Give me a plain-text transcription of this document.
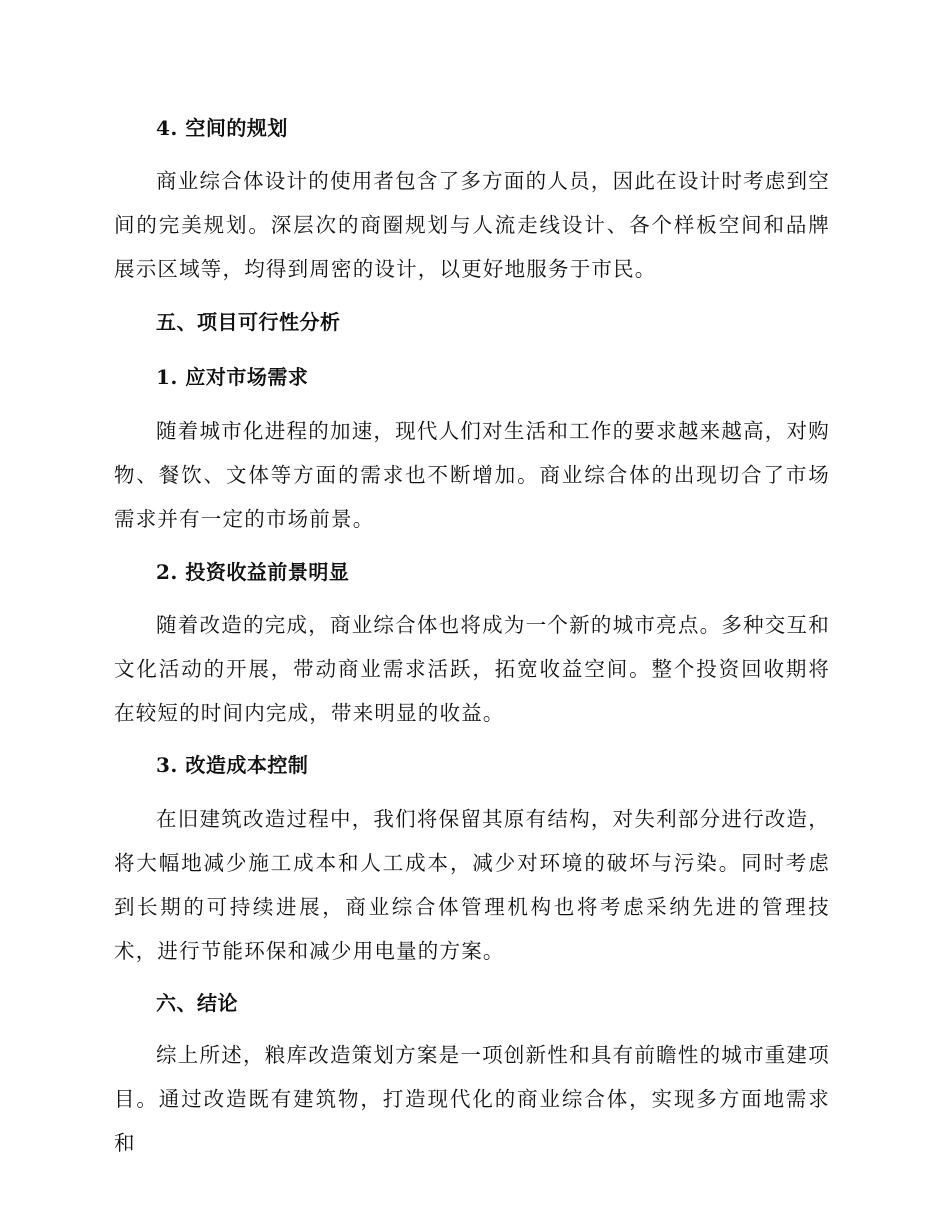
4. 空间的规划

商业综合体设计的使用者包含了多方面的人员，因此在设计时考虑到空间的完美规划。深层次的商圈规划与人流走线设计、各个样板空间和品牌展示区域等，均得到周密的设计，以更好地服务于市民。

五、项目可行性分析
1. 应对市场需求

随着城市化进程的加速，现代人们对生活和工作的要求越来越高，对购物、餐饮、文体等方面的需求也不断增加。商业综合体的出现切合了市场需求并有一定的市场前景。

2. 投资收益前景明显

随着改造的完成，商业综合体也将成为一个新的城市亮点。多种交互和文化活动的开展，带动商业需求活跃，拓宽收益空间。整个投资回收期将在较短的时间内完成，带来明显的收益。

3. 改造成本控制

在旧建筑改造过程中，我们将保留其原有结构，对失利部分进行改造，将大幅地减少施工成本和人工成本，减少对环境的破坏与污染。同时考虑到长期的可持续进展，商业综合体管理机构也将考虑采纳先进的管理技术，进行节能环保和减少用电量的方案。

六、结论

综上所述，粮库改造策划方案是一项创新性和具有前瞻性的城市重建项目。通过改造既有建筑物，打造现代化的商业综合体，实现多方面地需求和
